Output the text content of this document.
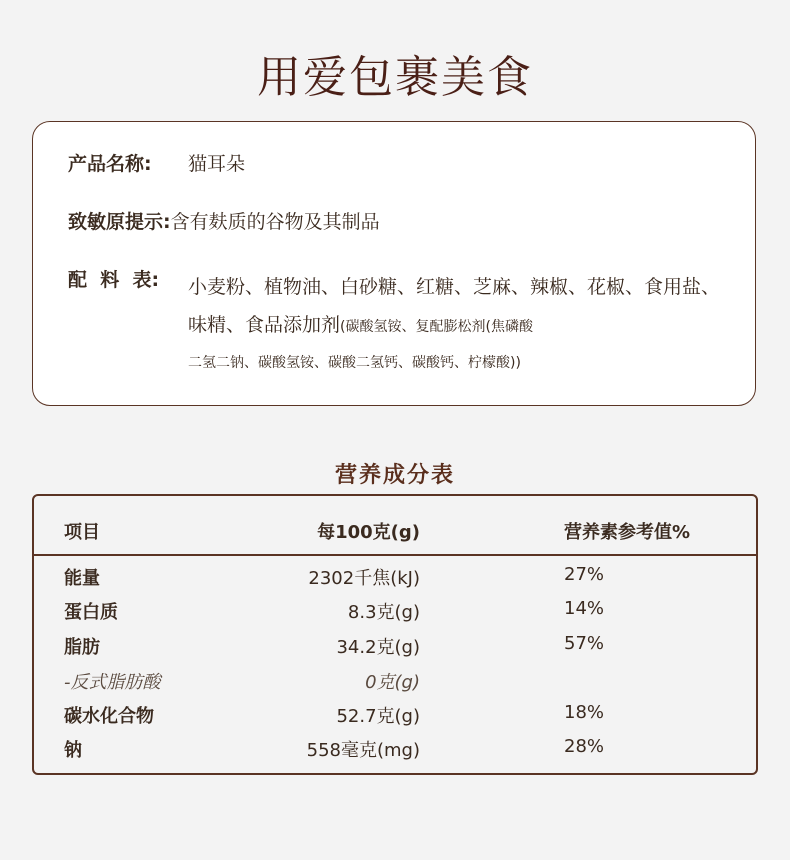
用爱包裹美食
产品名称: 猫耳朵
致敏原提示:含有麸质的谷物及其制品
配  料  表:	小麦粉、植物油、白砂糖、红糖、芝麻、辣椒、花椒、食用盐、味精、食品添加剂(碳酸氢铵、复配膨松剂(焦磷酸
二氢二钠、碳酸氢铵、碳酸二氢钙、碳酸钙、柠檬酸))
营养成分表
项目	每100克(g)	营养素参考值%
能量	2302千焦(kJ)	27%
蛋白质	8.3克(g)	14%
脂肪	34.2克(g)	57%
-反式脂肪酸	0克(g)
碳水化合物	52.7克(g)	18%
钠	558毫克(mg)	28%
